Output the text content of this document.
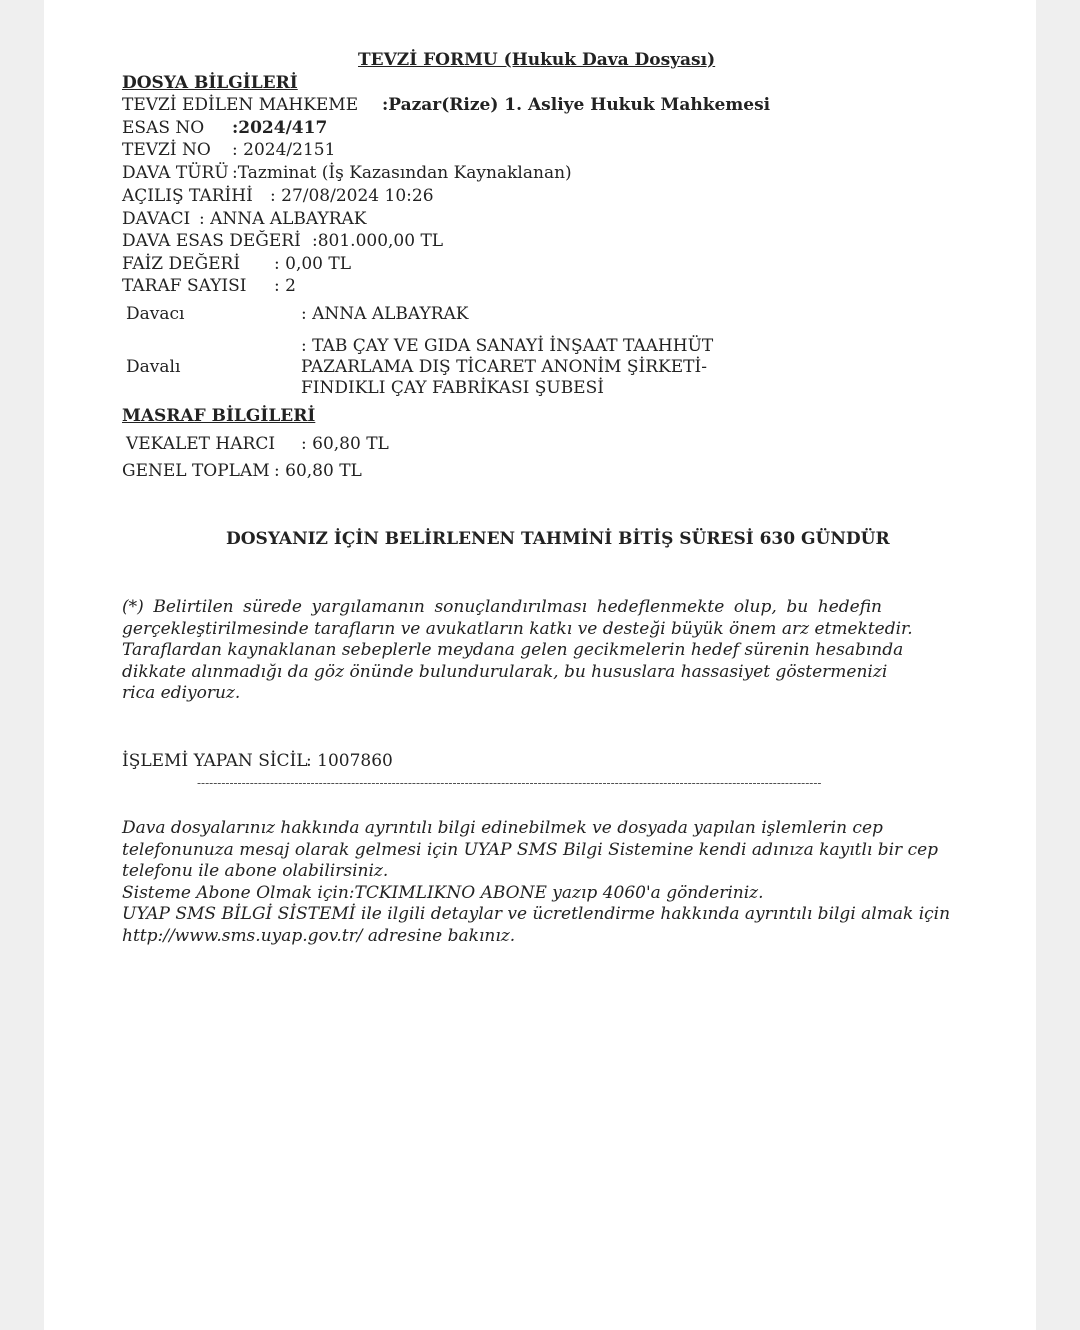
TEVZİ FORMU (Hukuk Dava Dosyası)
DOSYA BİLGİLERİ
TEVZİ EDİLEN MAHKEME :Pazar(Rize) 1. Asliye Hukuk Mahkemesi
ESAS NO :2024/417
TEVZİ NO : 2024/2151
DAVA TÜRÜ :Tazminat (İş Kazasından Kaynaklanan)
AÇILIŞ TARİHİ : 27/08/2024 10:26
DAVACI : ANNA ALBAYRAK
DAVA ESAS DEĞERİ :801.000,00 TL
FAİZ DEĞERİ : 0,00 TL
TARAF SAYISI : 2
Davacı	: ANNA ALBAYRAK
Davalı
: TAB ÇAY VE GIDA SANAYİ İNŞAAT TAAHHÜT
PAZARLAMA DIŞ TİCARET ANONİM ŞİRKETİ-
FINDIKLI ÇAY FABRİKASI ŞUBESİ
MASRAF BİLGİLERİ
VEKALET HARCI : 60,80 TL
GENEL TOPLAM : 60,80 TL
DOSYANIZ İÇİN BELİRLENEN TAHMİNİ BİTİŞ SÜRESİ 630 GÜNDÜR
(*) Belirtilen sürede yargılamanın sonuçlandırılması hedeflenmekte olup, bu hedefin
gerçekleştirilmesinde tarafların ve avukatların katkı ve desteği büyük önem arz etmektedir.
Taraflardan kaynaklanan sebeplerle meydana gelen gecikmelerin hedef sürenin hesabında
dikkate alınmadığı da göz önünde bulundurularak, bu hususlara hassasiyet göstermenizi
rica ediyoruz.
İŞLEMİ YAPAN SİCİL
: 1007860
----------------------------------------------------------------------------------------------------------------------------------------------------------
Dava dosyalarınız hakkında ayrıntılı bilgi edinebilmek ve dosyada yapılan işlemlerin cep
telefonunuza mesaj olarak gelmesi için UYAP SMS Bilgi Sistemine kendi adınıza kayıtlı bir cep
telefonu ile abone olabilirsiniz.
Sisteme Abone Olmak için:TCKIMLIKNO ABONE yazıp 4060'a gönderiniz.
UYAP SMS BİLGİ SİSTEMİ ile ilgili detaylar ve ücretlendirme hakkında ayrıntılı bilgi almak için
http://www.sms.uyap.gov.tr/ adresine bakınız.
